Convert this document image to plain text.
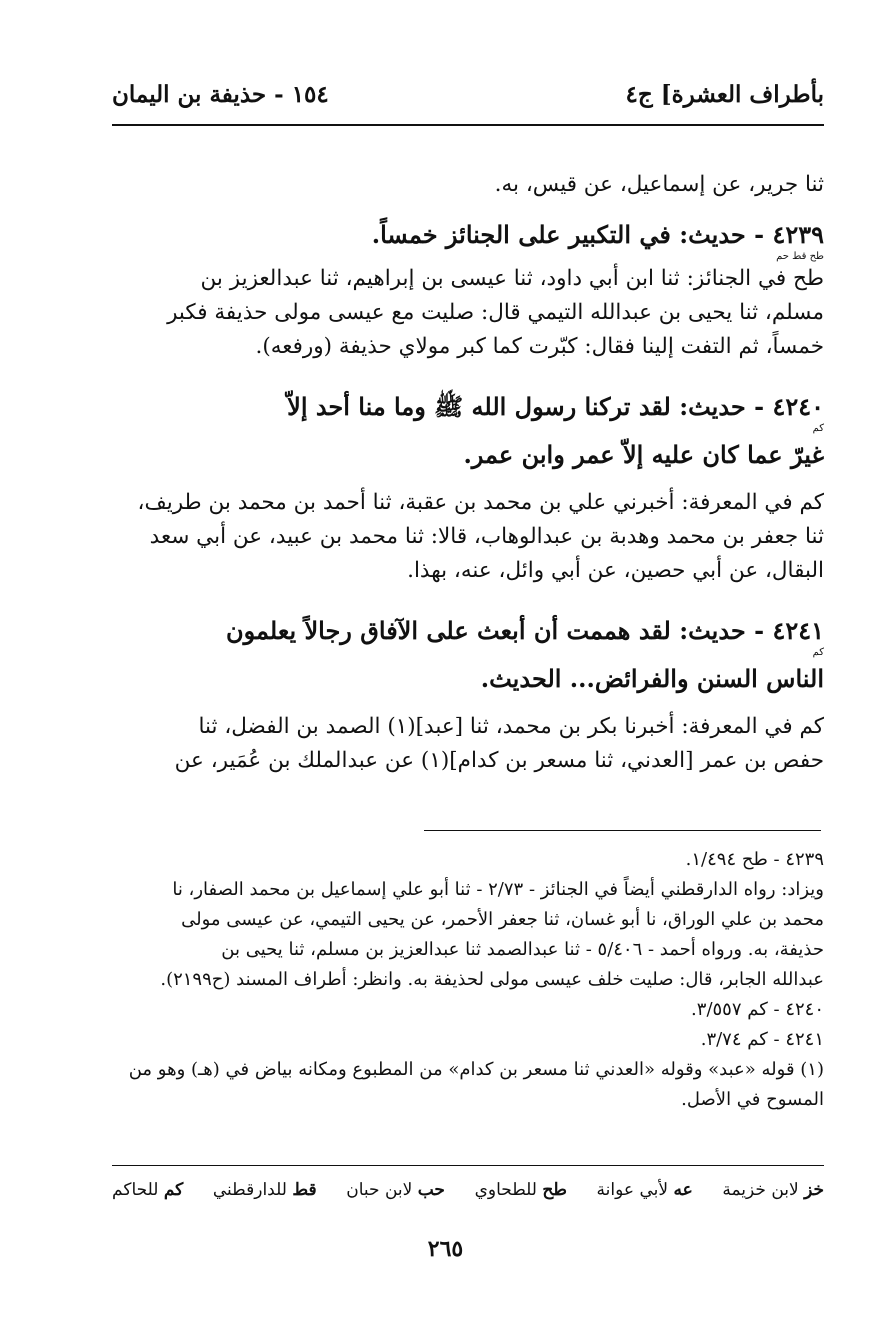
بأطراف العشرة] ج٤
١٥٤ - حذيفة بن اليمان
ثنا جرير، عن إسماعيل، عن قيس، به.
٤٢٣٩ - حديث: في التكبير على الجنائز خمساً.
طح قط حم
طح في الجنائز: ثنا ابن أبي داود، ثنا عيسى بن إبراهيم، ثنا عبدالعزيز بن
مسلم، ثنا يحيى بن عبدالله التيمي قال: صليت مع عيسى مولى حذيفة فكبر
خمساً، ثم التفت إلينا فقال: كبّرت كما كبر مولاي حذيفة (ورفعه).
٤٢٤٠ - حديث: لقد تركنا رسول الله ﷺ وما منا أحد إلاّ
كم
غيرّ عما كان عليه إلاّ عمر وابن عمر.
كم في المعرفة: أخبرني علي بن محمد بن عقبة، ثنا أحمد بن محمد بن طريف،
ثنا جعفر بن محمد وهدبة بن عبدالوهاب، قالا: ثنا محمد بن عبيد، عن أبي سعد
البقال، عن أبي حصين، عن أبي وائل، عنه، بهذا.
٤٢٤١ - حديث: لقد هممت أن أبعث على الآفاق رجالاً يعلمون
كم
الناس السنن والفرائض... الحديث.
كم في المعرفة: أخبرنا بكر بن محمد، ثنا [عبد](١) الصمد بن الفضل، ثنا
حفص بن عمر [العدني، ثنا مسعر بن كدام](١) عن عبدالملك بن عُمَير، عن
٤٢٣٩ - طح ١/٤٩٤.
ويزاد: رواه الدارقطني أيضاً في الجنائز - ٢/٧٣ - ثنا أبو علي إسماعيل بن محمد الصفار، نا
محمد بن علي الوراق، نا أبو غسان، ثنا جعفر الأحمر، عن يحيى التيمي، عن عيسى مولى
حذيفة، به. ورواه أحمد - ٥/٤٠٦ - ثنا عبدالصمد ثنا عبدالعزيز بن مسلم، ثنا يحيى بن
عبدالله الجابر، قال: صليت خلف عيسى مولى لحذيفة به. وانظر: أطراف المسند (ح٢١٩٩).
٤٢٤٠ - كم ٣/٥٥٧.
٤٢٤١ - كم ٣/٧٤.
(١) قوله «عبد» وقوله «العدني ثنا مسعر بن كدام» من المطبوع ومكانه بياض في (هـ) وهو من
المسوح في الأصل.
خز لابن خزيمة
عه لأبي عوانة
طح للطحاوي
حب لابن حبان
قط للدارقطني
كم للحاكم
٢٦٥
